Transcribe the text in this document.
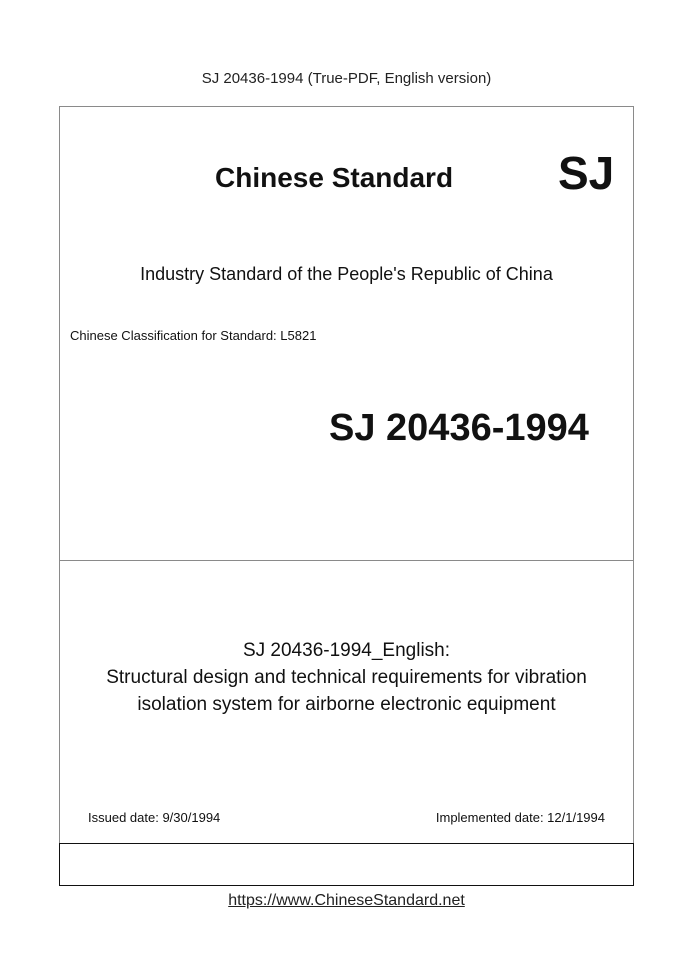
SJ 20436-1994 (True-PDF, English version)
Chinese Standard SJ
Industry Standard of the People's Republic of China
Chinese Classification for Standard: L5821
SJ 20436-1994
SJ 20436-1994_English:
Structural design and technical requirements for vibration
isolation system for airborne electronic equipment
Issued date: 9/30/1994	Implemented date: 12/1/1994
https://www.ChineseStandard.net
